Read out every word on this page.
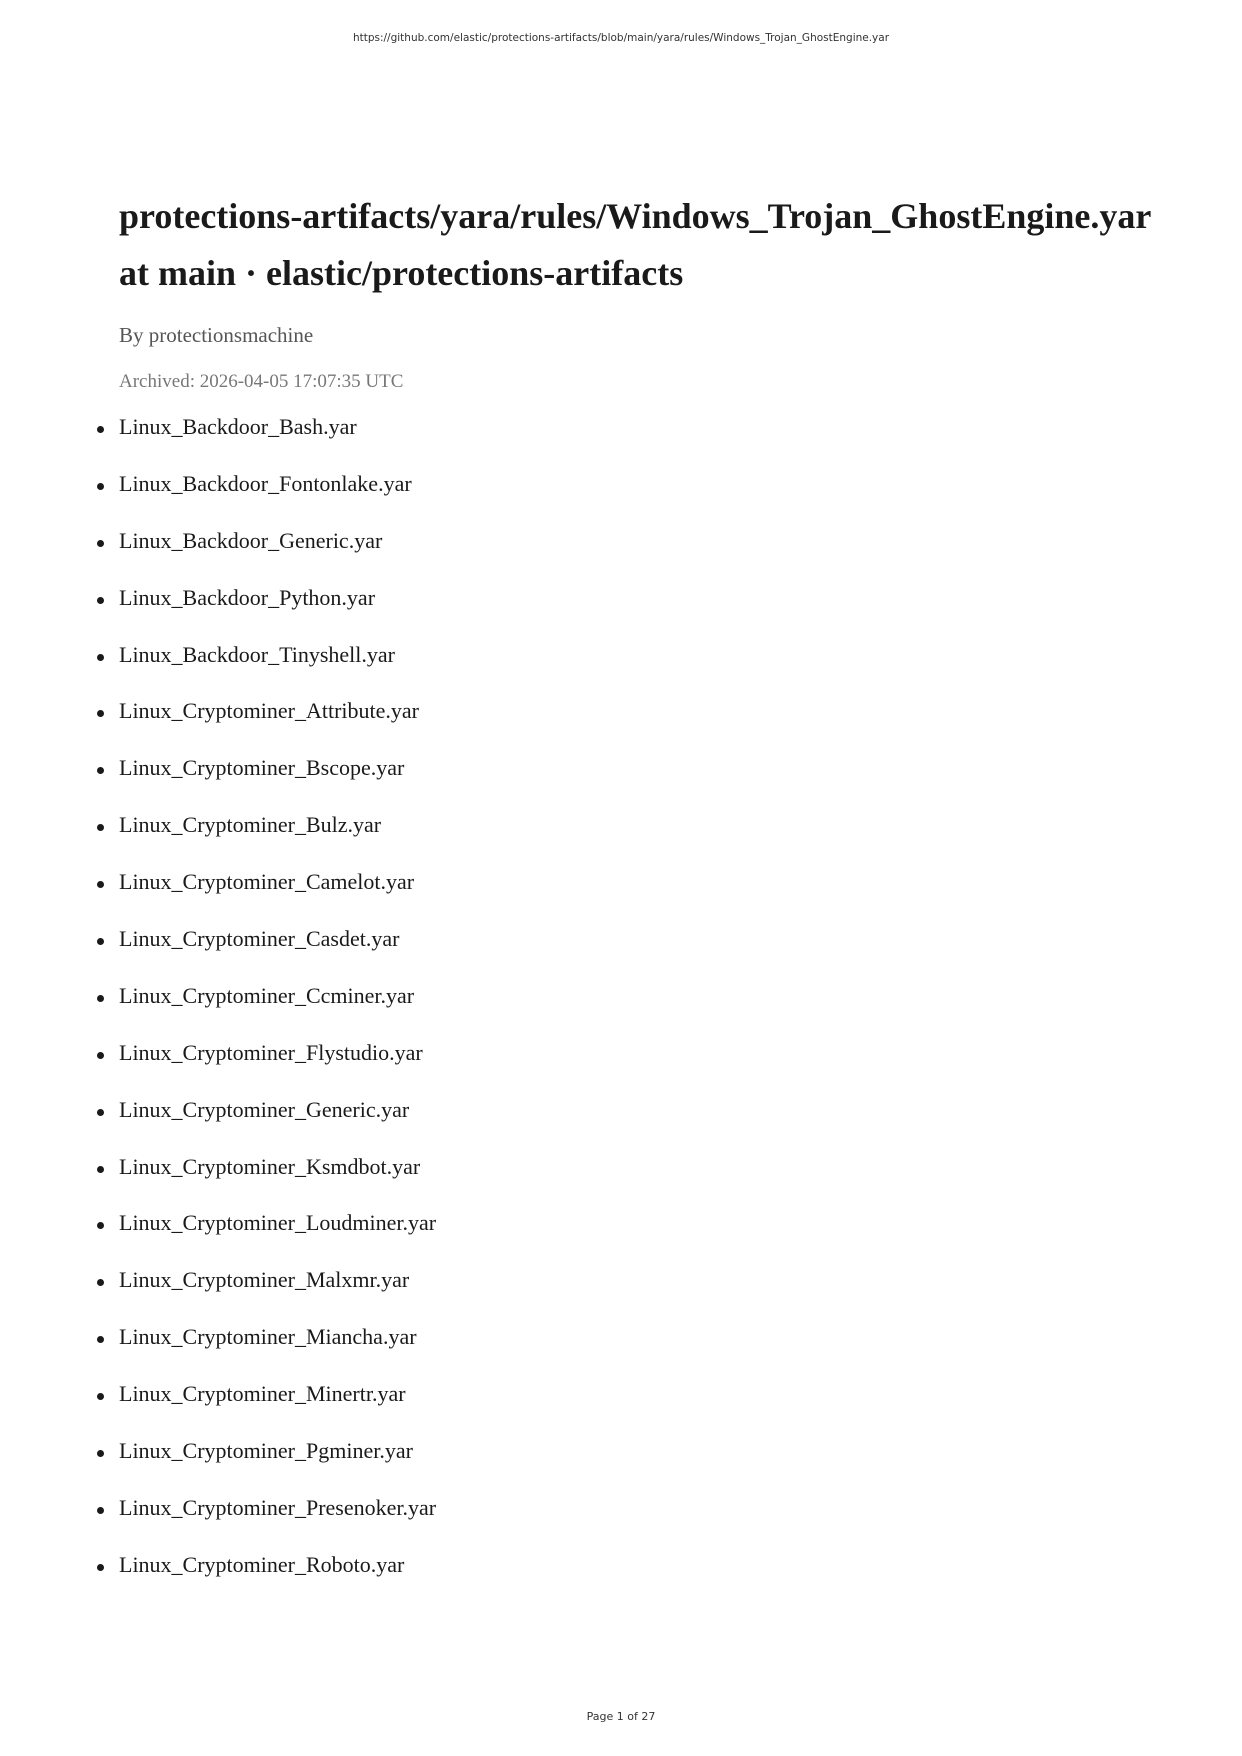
https://github.com/elastic/protections-artifacts/blob/main/yara/rules/Windows_Trojan_GhostEngine.yar
protections-artifacts/yara/rules/Windows_Trojan_GhostEngine.yar at main · elastic/protections-artifacts

By protectionsmachine

Archived: 2026-04-05 17:07:35 UTC

Linux_Backdoor_Bash.yar
Linux_Backdoor_Fontonlake.yar
Linux_Backdoor_Generic.yar
Linux_Backdoor_Python.yar
Linux_Backdoor_Tinyshell.yar
Linux_Cryptominer_Attribute.yar
Linux_Cryptominer_Bscope.yar
Linux_Cryptominer_Bulz.yar
Linux_Cryptominer_Camelot.yar
Linux_Cryptominer_Casdet.yar
Linux_Cryptominer_Ccminer.yar
Linux_Cryptominer_Flystudio.yar
Linux_Cryptominer_Generic.yar
Linux_Cryptominer_Ksmdbot.yar
Linux_Cryptominer_Loudminer.yar
Linux_Cryptominer_Malxmr.yar
Linux_Cryptominer_Miancha.yar
Linux_Cryptominer_Minertr.yar
Linux_Cryptominer_Pgminer.yar
Linux_Cryptominer_Presenoker.yar
Linux_Cryptominer_Roboto.yar
Page 1 of 27
